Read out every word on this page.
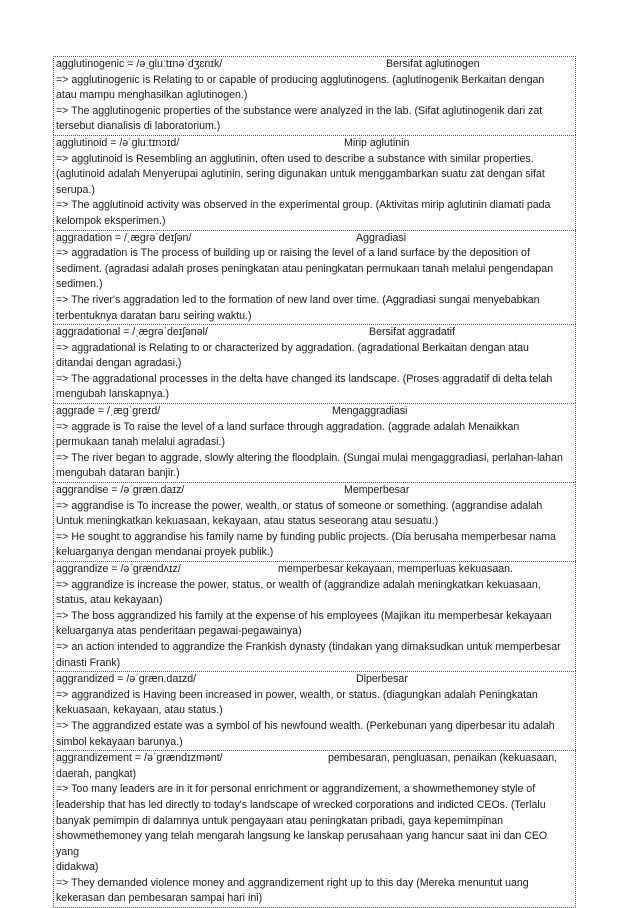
agglutinogenic = /əˌgluːtɪnəˈdʒɛnɪk/	Bersifat aglutinogen
=> agglutinogenic is Relating to or capable of producing agglutinogens. (aglutinogenik Berkaitan dengan
atau mampu menghasilkan aglutinogen.)
=> The agglutinogenic properties of the substance were analyzed in the lab. (Sifat aglutinogenik dari zat
tersebut dianalisis di laboratorium.)
agglutinoid = /əˈgluːtɪnɔɪd/	Mirip aglutinin
=> agglutinoid is Resembling an agglutinin, often used to describe a substance with similar properties.
(aglutinoid adalah Menyerupai aglutinin, sering digunakan untuk menggambarkan suatu zat dengan sifat
serupa.)
=> The agglutinoid activity was observed in the experimental group. (Aktivitas mirip aglutinin diamati pada
kelompok eksperimen.)
aggradation = /ˌægrəˈdeɪʃən/	Aggradiasi
=> aggradation is The process of building up or raising the level of a land surface by the deposition of
sediment. (agradasi adalah proses peningkatan atau peningkatan permukaan tanah melalui pengendapan
sedimen.)
=> The river's aggradation led to the formation of new land over time. (Aggradiasi sungai menyebabkan
terbentuknya daratan baru seiring waktu.)
aggradational = /ˌægrəˈdeɪʃənəl/	Bersifat aggradatif
=> aggradational is Relating to or characterized by aggradation. (agradational Berkaitan dengan atau
ditandai dengan agradasi.)
=> The aggradational processes in the delta have changed its landscape. (Proses aggradatif di delta telah
mengubah lanskapnya.)
aggrade = /ˌægˈgreɪd/	Mengaggradiasi
=> aggrade is To raise the level of a land surface through aggradation. (aggrade adalah Menaikkan
permukaan tanah melalui agradasi.)
=> The river began to aggrade, slowly altering the floodplain. (Sungai mulai mengaggradiasi, perlahan-lahan
mengubah dataran banjir.)
aggrandise = /əˈgræn.daɪz/	Memperbesar
=> aggrandise is To increase the power, wealth, or status of someone or something. (aggrandise adalah
Untuk meningkatkan kekuasaan, kekayaan, atau status seseorang atau sesuatu.)
=> He sought to aggrandise his family name by funding public projects. (Dia berusaha memperbesar nama
keluarganya dengan mendanai proyek publik.)
aggrandize = /əˈgrændʌɪz/	memperbesar kekayaan, memperluas kekuasaan.
=> aggrandize is increase the power, status, or wealth of (aggrandize adalah meningkatkan kekuasaan,
status, atau kekayaan)
=> The boss aggrandized his family at the expense of his employees (Majikan itu memperbesar kekayaan
keluarganya atas penderitaan pegawai-pegawainya)
=> an action intended to aggrandize the Frankish dynasty (tindakan yang dimaksudkan untuk memperbesar
dinasti Frank)
aggrandized = /əˈgræn.daɪzd/	Diperbesar
=> aggrandized is Having been increased in power, wealth, or status. (diagungkan adalah Peningkatan
kekuasaan, kekayaan, atau status.)
=> The aggrandized estate was a symbol of his newfound wealth. (Perkebunan yang diperbesar itu adalah
simbol kekayaan barunya.)
aggrandizement = /əˈgrændɪzmənt/	pembesaran, pengluasan, penaikan (kekuasaan,
daerah, pangkat)
=> Too many leaders are in it for personal enrichment or aggrandizement, a showmethemoney style of
leadership that has led directly to today's landscape of wrecked corporations and indicted CEOs. (Terlalu
banyak pemimpin di dalamnya untuk pengayaan atau peningkatan pribadi, gaya kepemimpinan
showmethemoney yang telah mengarah langsung ke lanskap perusahaan yang hancur saat ini dan CEO yang
didakwa)
=> They demanded violence money and aggrandizement right up to this day (Mereka menuntut uang
kekerasan dan pembesaran sampai hari ini)
